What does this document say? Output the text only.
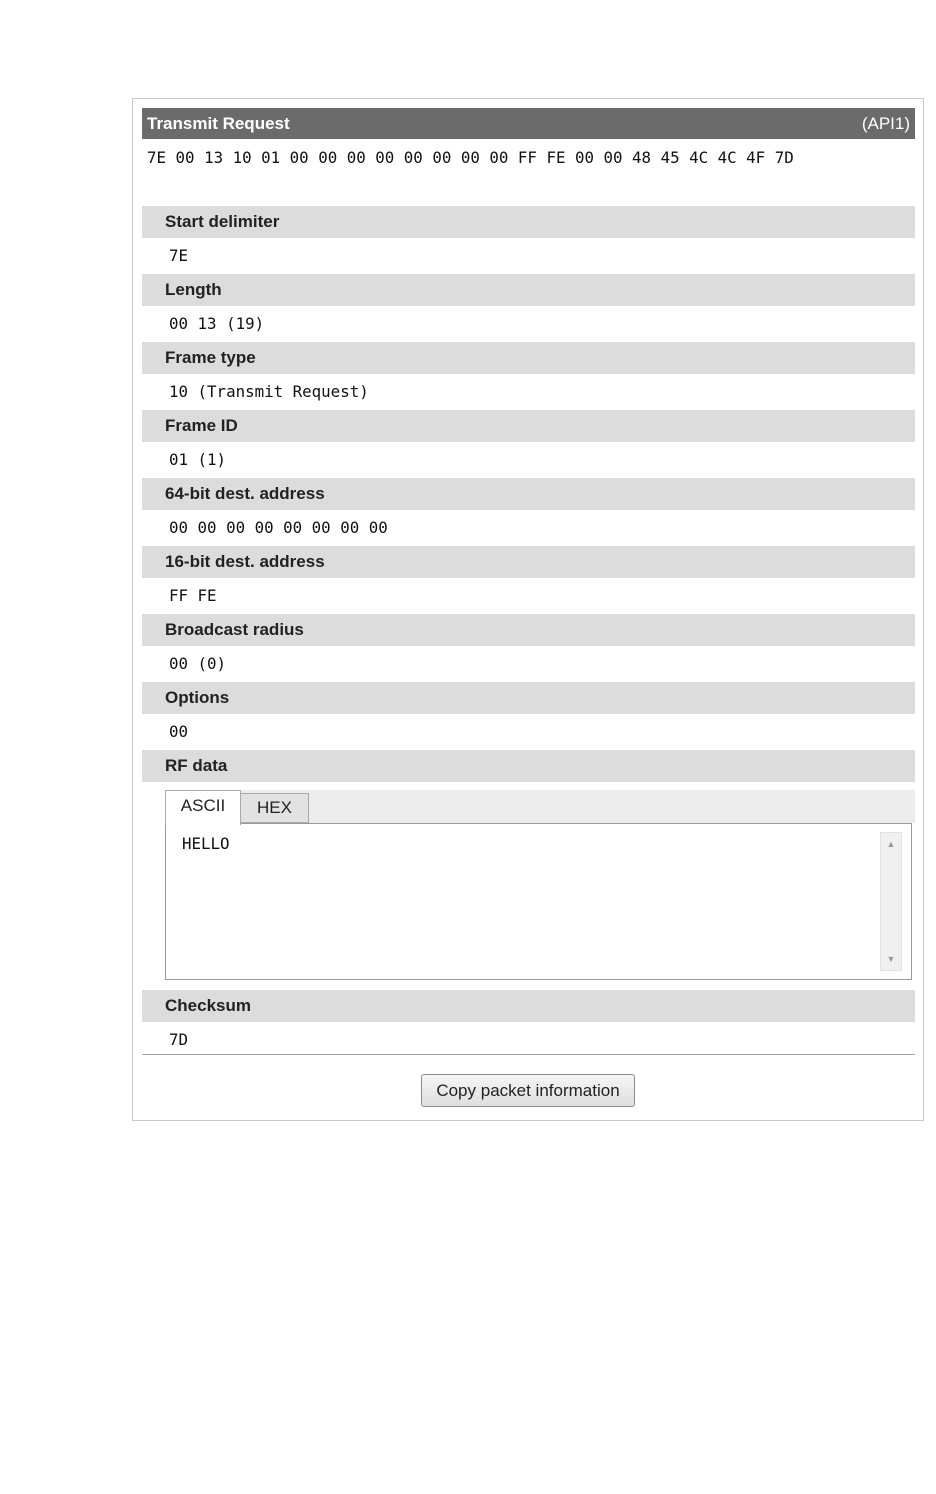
Transmit Request	(API1)
7E 00 13 10 01 00 00 00 00 00 00 00 00 FF FE 00 00 48 45 4C 4C 4F 7D
Start delimiter
7E
Length
00 13 (19)
Frame type
10 (Transmit Request)
Frame ID
01 (1)
64-bit dest. address
00 00 00 00 00 00 00 00
16-bit dest. address
FF FE
Broadcast radius
00 (0)
Options
00
RF data
ASCII	HEX
HELLO	▲
▼
Checksum
7D
Copy packet information
